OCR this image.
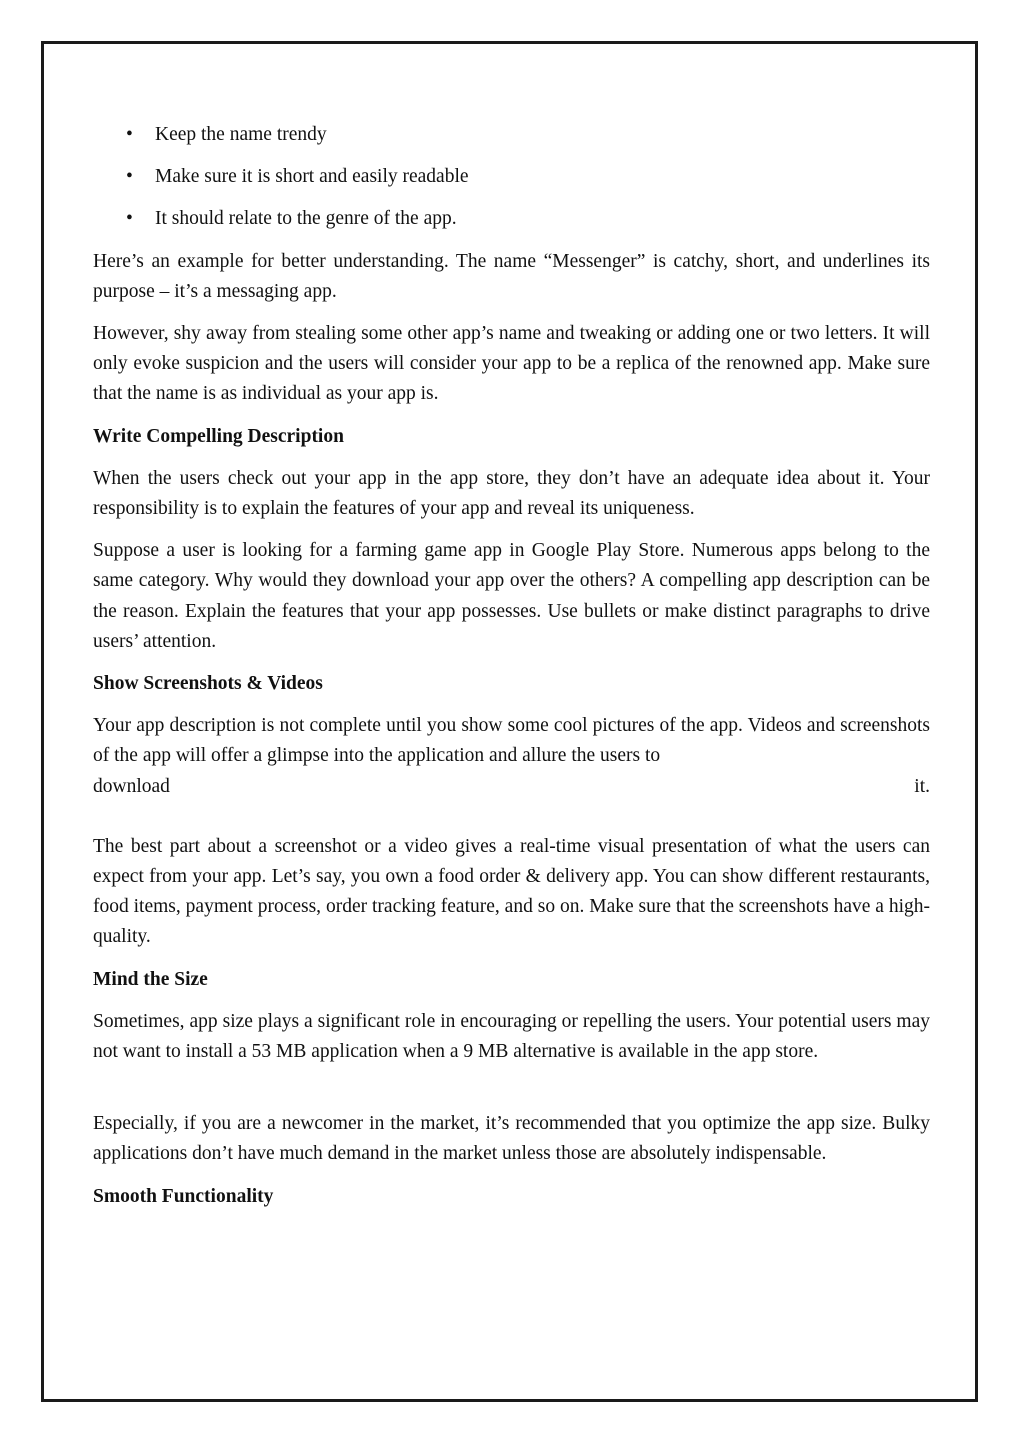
• Keep the name trendy
• Make sure it is short and easily readable
• It should relate to the genre of the app.

Here’s an example for better understanding. The name “Messenger” is catchy, short, and underlines its purpose – it’s a messaging app.

However, shy away from stealing some other app’s name and tweaking or adding one or two letters. It will only evoke suspicion and the users will consider your app to be a replica of the renowned app. Make sure that the name is as individual as your app is.

Write Compelling Description

When the users check out your app in the app store, they don’t have an adequate idea about it. Your responsibility is to explain the features of your app and reveal its uniqueness.

Suppose a user is looking for a farming game app in Google Play Store. Numerous apps belong to the same category. Why would they download your app over the others? A compelling app description can be the reason. Explain the features that your app possesses. Use bullets or make distinct paragraphs to drive users’ attention.

Show Screenshots & Videos

Your app description is not complete until you show some cool pictures of the app. Videos and screenshots of the app will offer a glimpse into the application and allure the users to

download	it.

The best part about a screenshot or a video gives a real-time visual presentation of what the users can expect from your app. Let’s say, you own a food order & delivery app. You can show different restaurants, food items, payment process, order tracking feature, and so on. Make sure that the screenshots have a high-quality.

Mind the Size

Sometimes, app size plays a significant role in encouraging or repelling the users. Your potential users may not want to install a 53 MB application when a 9 MB alternative is available in the app store.

Especially, if you are a newcomer in the market, it’s recommended that you optimize the app size. Bulky applications don’t have much demand in the market unless those are absolutely indispensable.

Smooth Functionality
